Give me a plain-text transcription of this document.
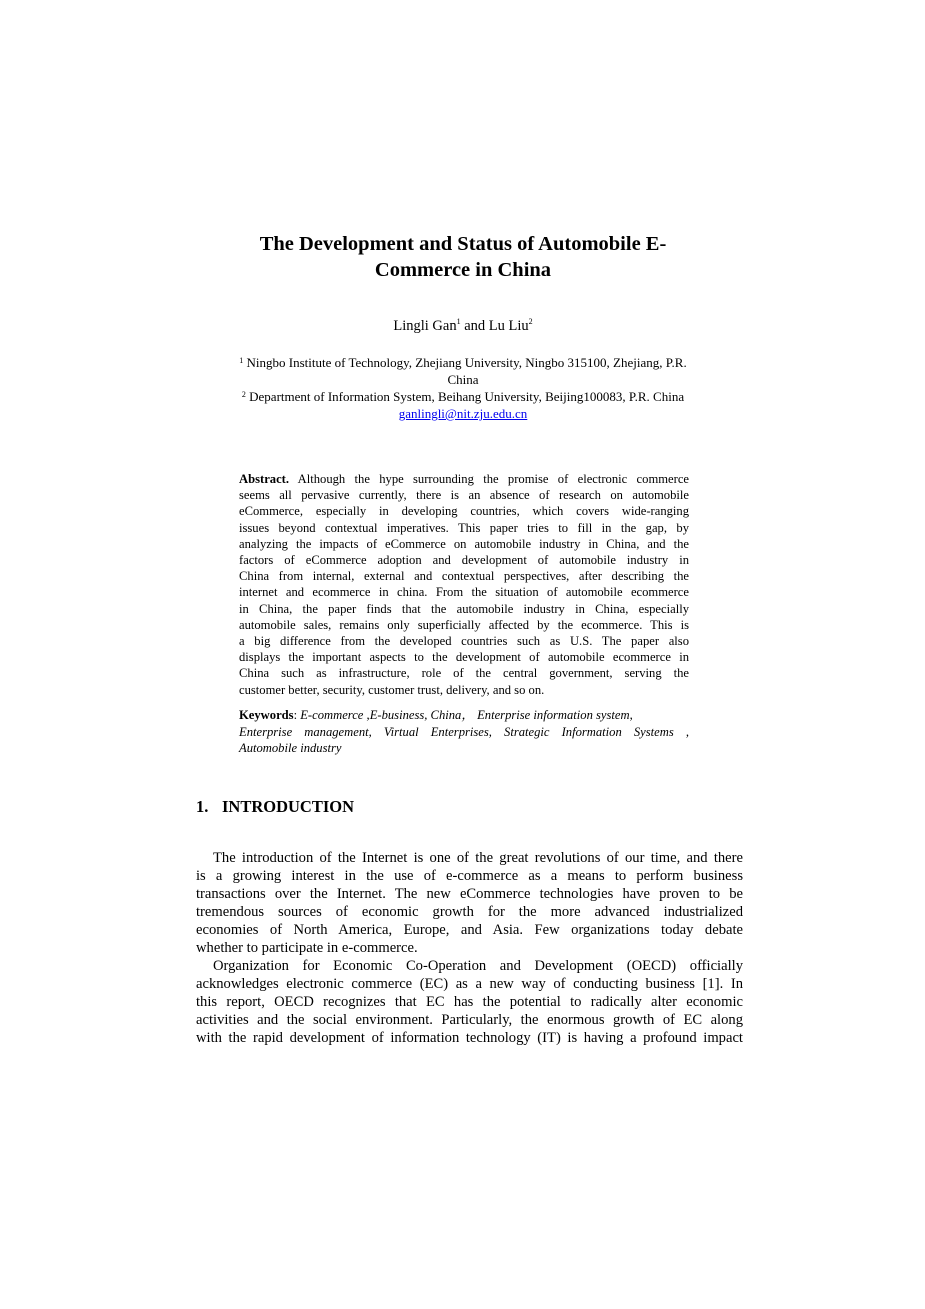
The Development and Status of Automobile E-
Commerce in China
Lingli Gan$^1$ and Lu Liu$^2$
$^1$ Ningbo Institute of Technology, Zhejiang University, Ningbo 315100, Zhejiang, P.R.
China
$^2$ Department of Information System, Beihang University, Beijing100083, P.R. China
ganlingli@nit.zju.edu.cn
Abstract. Although the hype surrounding the promise of electronic commerce
seems all pervasive currently, there is an absence of research on automobile
eCommerce, especially in developing countries, which covers wide-ranging
issues beyond contextual imperatives. This paper tries to fill in the gap, by
analyzing the impacts of eCommerce on automobile industry in China, and the
factors of eCommerce adoption and development of automobile industry in
China from internal, external and contextual perspectives, after describing the
internet and ecommerce in china. From the situation of automobile ecommerce
in China, the paper finds that the automobile industry in China, especially
automobile sales, remains only superficially affected by the ecommerce. This is
a big difference from the developed countries such as U.S. The paper also
displays the important aspects to the development of automobile ecommerce in
China such as infrastructure, role of the central government, serving the
customer better, security, customer trust, delivery, and so on.
Keywords: E-commerce ,E-business, China， Enterprise information system,
Enterprise management, Virtual Enterprises, Strategic Information Systems ,
Automobile industry
1. INTRODUCTION
The introduction of the Internet is one of the great revolutions of our time, and there
is a growing interest in the use of e-commerce as a means to perform business
transactions over the Internet. The new eCommerce technologies have proven to be
tremendous sources of economic growth for the more advanced industrialized
economies of North America, Europe, and Asia. Few organizations today debate
whether to participate in e-commerce.
Organization for Economic Co-Operation and Development (OECD) officially
acknowledges electronic commerce (EC) as a new way of conducting business [1]. In
this report, OECD recognizes that EC has the potential to radically alter economic
activities and the social environment. Particularly, the enormous growth of EC along
with the rapid development of information technology (IT) is having a profound impact
